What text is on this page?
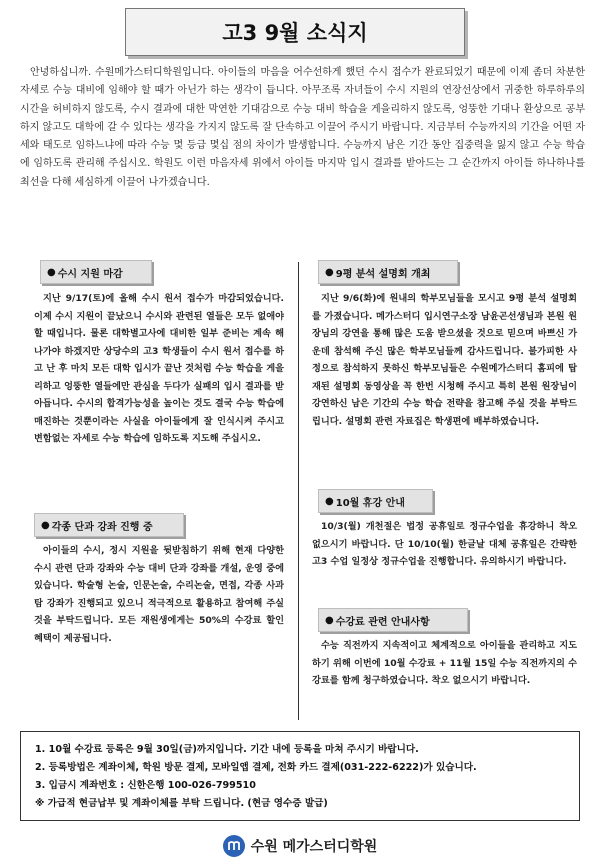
고3 9월 소식지

안녕하십니까. 수원메가스터디학원입니다. 아이들의 마음을 어수선하게 했던 수시 접수가 완료되었기 때문에 이제 좀더 차분한 자세로 수능 대비에 임해야 할 때가 아닌가 하는 생각이 듭니다. 아무조록 자녀들이 수시 지원의 연장선상에서 귀중한 하루하루의 시간을 허비하지 않도록, 수시 결과에 대한 막연한 기대감으로 수능 대비 학습을 게을리하지 않도록, 엉뚱한 기대나 환상으로 공부하지 않고도 대학에 갈 수 있다는 생각을 가지지 않도록 잘 단속하고 이끌어 주시기 바랍니다. 지금부터 수능까지의 기간을 어떤 자세와 태도로 임하느냐에 따라 수능 몇 등급 몇십 점의 차이가 발생합니다. 수능까지 남은 기간 동안 집중력을 잃지 않고 수능 학습에 임하도록 관리해 주십시오. 학원도 이런 마음자세 위에서 아이들 마지막 입시 결과를 받아드는 그 순간까지 아이들 하나하나를 최선을 다해 세심하게 이끌어 나가겠습니다.

● 수시 지원 마감

지난 9/17(토)에 올해 수시 원서 접수가 마감되었습니다. 이제 수시 지원이 끝났으니 수시와 관련된 열들은 모두 없애야 할 때입니다. 물론 대학별고사에 대비한 일부 준비는 계속 해 나가야 하겠지만 상당수의 고3 학생들이 수시 원서 접수를 하고 난 후 마치 모든 대학 입시가 끝난 것처럼 수능 학습을 게을리하고 엉뚱한 열들에만 관심을 두다가 실패의 입시 결과를 받아듭니다. 수시의 합격가능성을 높이는 것도 결국 수능 학습에 매진하는 것뿐이라는 사실을 아이들에게 잘 인식시켜 주시고 변함없는 자세로 수능 학습에 임하도록 지도해 주십시오.

● 각종 단과 강좌 진행 중

아이들의 수시, 정시 지원을 뒷받침하기 위해 현재 다양한 수시 관련 단과 강좌와 수능 대비 단과 강좌를 개설, 운영 중에 있습니다. 학술형 논술, 인문논술, 수리논술, 면접, 각종 사과탐 강좌가 진행되고 있으니 적극적으로 활용하고 참여해 주실 것을 부탁드립니다. 모든 재원생에게는 50%의 수강료 할인 혜택이 제공됩니다.

● 9평 분석 설명회 개최

지난 9/6(화)에 원내의 학부모님들을 모시고 9평 분석 설명회를 가졌습니다. 메가스터디 입시연구소장 남윤곤선생님과 본원 원장님의 강연을 통해 많은 도움 받으셨을 것으로 믿으며 바쁘신 가운데 참석해 주신 많은 학부모님들께 감사드립니다. 불가피한 사정으로 참석하지 못하신 학부모님들은 수원메가스터디 홈피에 탑재된 설명회 동영상을 꼭 한번 시청해 주시고 특히 본원 원장님이 강연하신 남은 기간의 수능 학습 전략을 참고해 주실 것을 부탁드립니다. 설명회 관련 자료집은 학생편에 배부하였습니다.

● 10월 휴강 안내

10/3(월) 개천절은 법정 공휴일로 정규수업을 휴강하니 착오 없으시기 바랍니다. 단 10/10(월) 한글날 대체 공휴일은 간략한 고3 수업 일정상 정규수업을 진행합니다. 유의하시기 바랍니다.

● 수강료 관련 안내사항

수능 직전까지 지속적이고 체계적으로 아이들을 관리하고 지도하기 위해 이번에 10월 수강료 + 11월 15일 수능 직전까지의 수강료를 함께 청구하였습니다. 착오 없으시기 바랍니다.

1. 10월 수강료 등록은 9월 30일(금)까지입니다. 기간 내에 등록을 마쳐 주시기 바랍니다.
2. 등록방법은 계좌이체, 학원 방문 결제, 모바일앱 결제, 전화 카드 결제(031-222-6222)가 있습니다.
3. 입금시 계좌번호 : 신한은행 100-026-799510
※ 가급적 현금납부 및 계좌이체를 부탁 드립니다. (현금 영수증 발급)
수원 메가스터디학원
